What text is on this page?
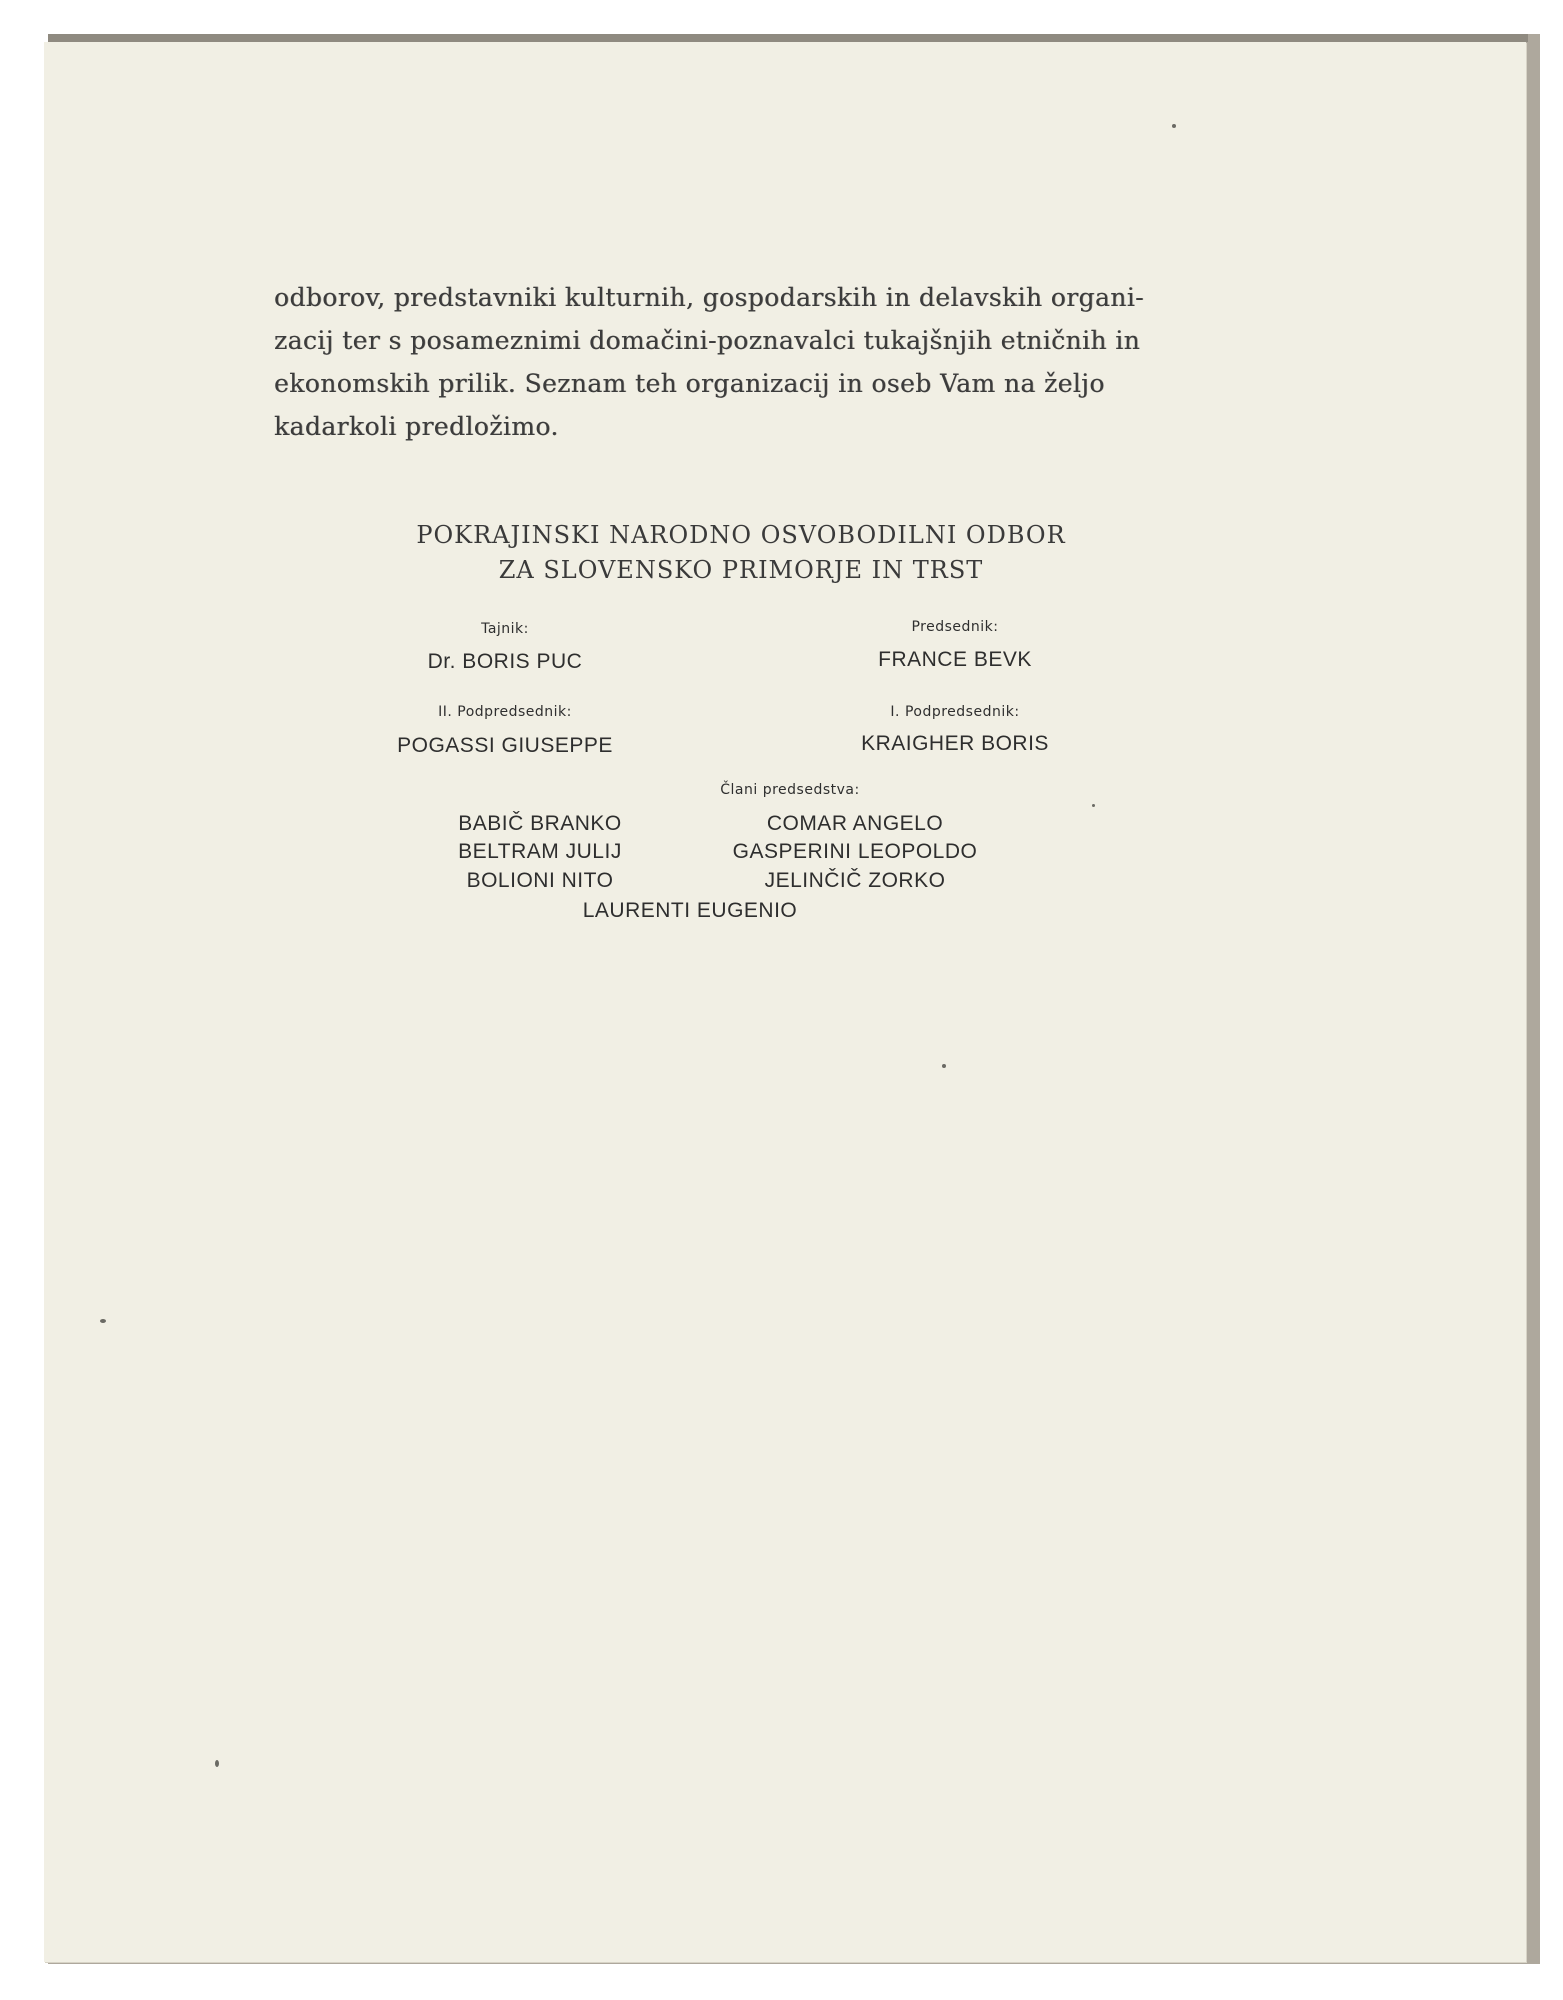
odborov, predstavniki kulturnih, gospodarskih in delavskih organi-
zacij ter s posameznimi domačini-poznavalci tukajšnjih etničnih in
ekonomskih prilik. Seznam teh organizacij in oseb Vam na željo
kadarkoli predložimo.
POKRAJINSKI NARODNO OSVOBODILNI ODBOR
ZA SLOVENSKO PRIMORJE IN TRST
Tajnik:
Dr. BORIS PUC
Predsednik:
FRANCE BEVK
II. Podpredsednik:
POGASSI GIUSEPPE
I. Podpredsednik:
KRAIGHER BORIS
Člani predsedstva:
BABIČ BRANKO
BELTRAM JULIJ
BOLIONI NITO
COMAR ANGELO
GASPERINI LEOPOLDO
JELINČIČ ZORKO
LAURENTI EUGENIO
